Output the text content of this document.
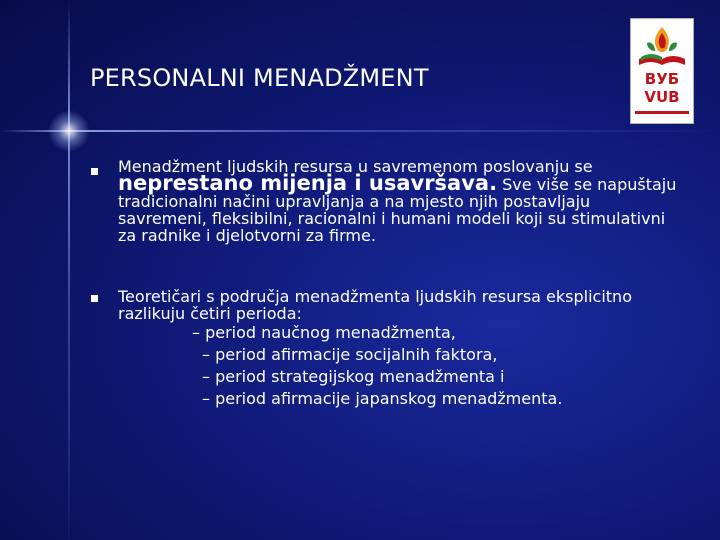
PERSONALNI MENADŽMENT	ВУБ
VUB

Menadžment ljudskih resursa u savremenom poslovanju se neprestano mijenja i usavršava. Sve više se napuštaju tradicionalni načini upravljanja a na mjesto njih postavljaju savremeni, fleksibilni, racionalni i humani modeli koji su stimulativni za radnike i djelotvorni za firme.

Teoretičari s područja menadžmenta ljudskih resursa eksplicitno razlikuju četiri perioda:
– period naučnog menadžmenta,
– period afirmacije socijalnih faktora,
– period strategijskog menadžmenta i
– period afirmacije japanskog menadžmenta.
